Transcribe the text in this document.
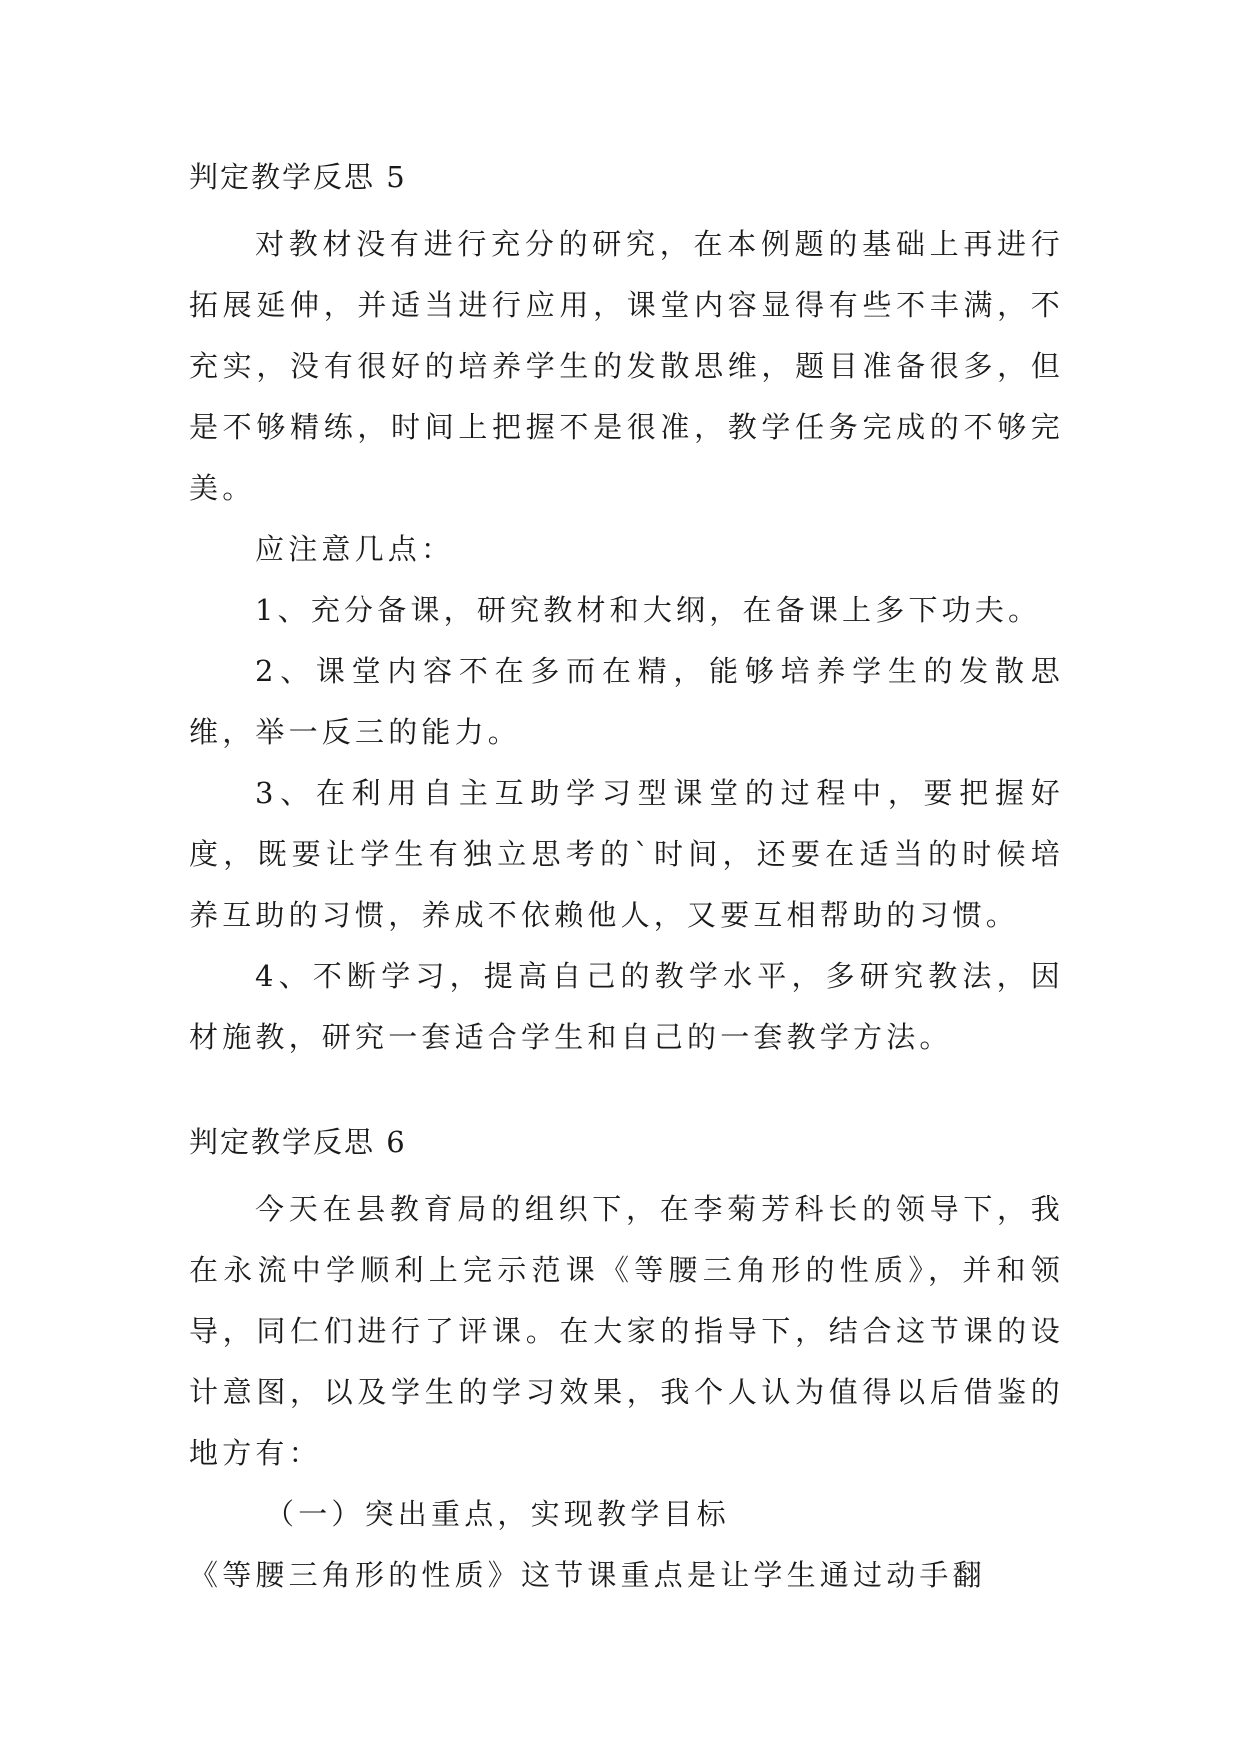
判定教学反思 5

对教材没有进行充分的研究，在本例题的基础上再进行拓展延伸，并适当进行应用，课堂内容显得有些不丰满，不充实，没有很好的培养学生的发散思维，题目准备很多，但是不够精练，时间上把握不是很准，教学任务完成的不够完美。

应注意几点：

1、充分备课，研究教材和大纲，在备课上多下功夫。

2、课堂内容不在多而在精，能够培养学生的发散思维，举一反三的能力。

3、在利用自主互助学习型课堂的过程中，要把握好度，既要让学生有独立思考的`时间，还要在适当的时候培养互助的习惯，养成不依赖他人，又要互相帮助的习惯。

4、不断学习，提高自己的教学水平，多研究教法，因材施教，研究一套适合学生和自己的一套教学方法。

判定教学反思 6

今天在县教育局的组织下，在李菊芳科长的领导下，我在永流中学顺利上完示范课《等腰三角形的性质》，并和领导，同仁们进行了评课。在大家的指导下，结合这节课的设计意图，以及学生的学习效果，我个人认为值得以后借鉴的地方有：

（一）突出重点，实现教学目标

《等腰三角形的性质》这节课重点是让学生通过动手翻
